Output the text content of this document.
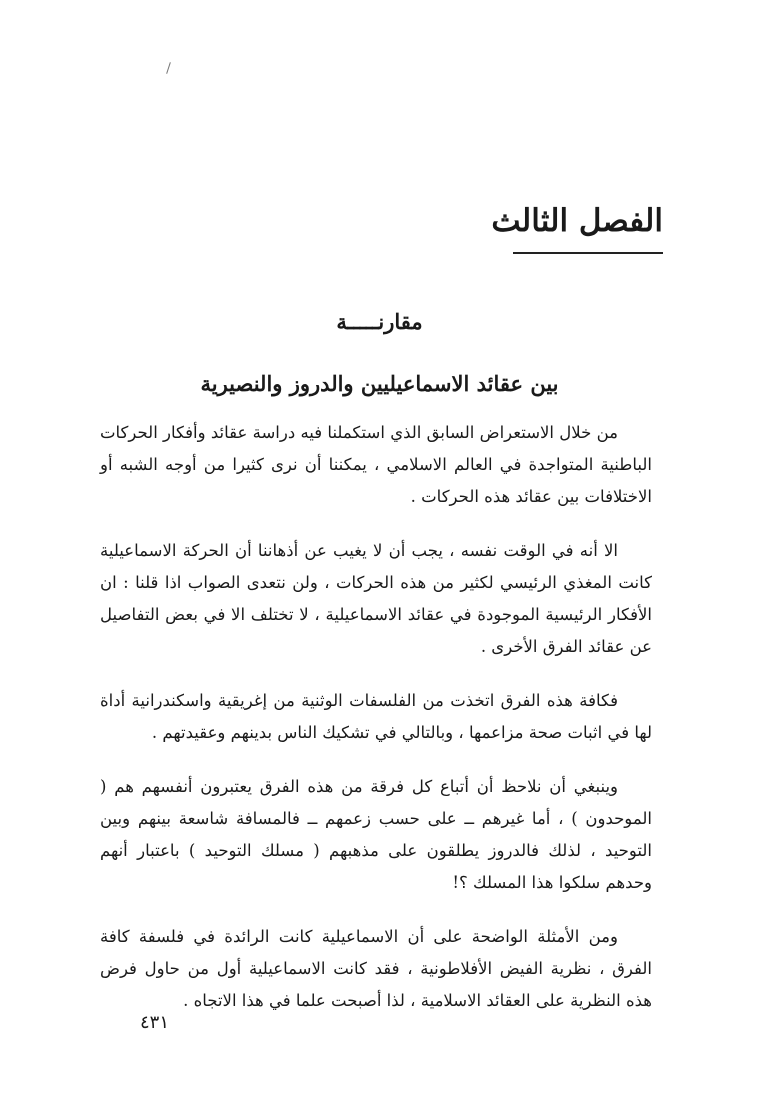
الفصل الثالث
مقارنـــــة
بين عقائد الاسماعيليين والدروز والنصيرية

من خلال الاستعراض السابق الذي استكملنا فيه دراسة عقائد وأفكار الحركات الباطنية المتواجدة في العالم الاسلامي ، يمكننا أن نرى كثيرا من أوجه الشبه أو الاختلافات بين عقائد هذه الحركات .

الا أنه في الوقت نفسه ، يجب أن لا يغيب عن أذهاننا أن الحركة الاسماعيلية كانت المغذي الرئيسي لكثير من هذه الحركات ، ولن نتعدى الصواب اذا قلنا : ان الأفكار الرئيسية الموجودة في عقائد الاسماعيلية ، لا تختلف الا في بعض التفاصيل عن عقائد الفرق الأخرى .

فكافة هذه الفرق اتخذت من الفلسفات الوثنية من إغريقية واسكندرانية أداة لها في اثبات صحة مزاعمها ، وبالتالي في تشكيك الناس بدينهم وعقيدتهم .

وينبغي أن نلاحظ أن أتباع كل فرقة من هذه الفرق يعتبرون أنفسهم هم ( الموحدون ) ، أما غيرهم ــ على حسب زعمهم ــ فالمسافة شاسعة بينهم وبين التوحيد ، لذلك فالدروز يطلقون على مذهبهم ( مسلك التوحيد ) باعتبار أنهم وحدهم سلكوا هذا المسلك ؟!

ومن الأمثلة الواضحة على أن الاسماعيلية كانت الرائدة في فلسفة كافة الفرق ، نظرية الفيض الأفلاطونية ، فقد كانت الاسماعيلية أول من حاول فرض هذه النظرية على العقائد الاسلامية ، لذا أصبحت علما في هذا الاتجاه .

٤٣١
